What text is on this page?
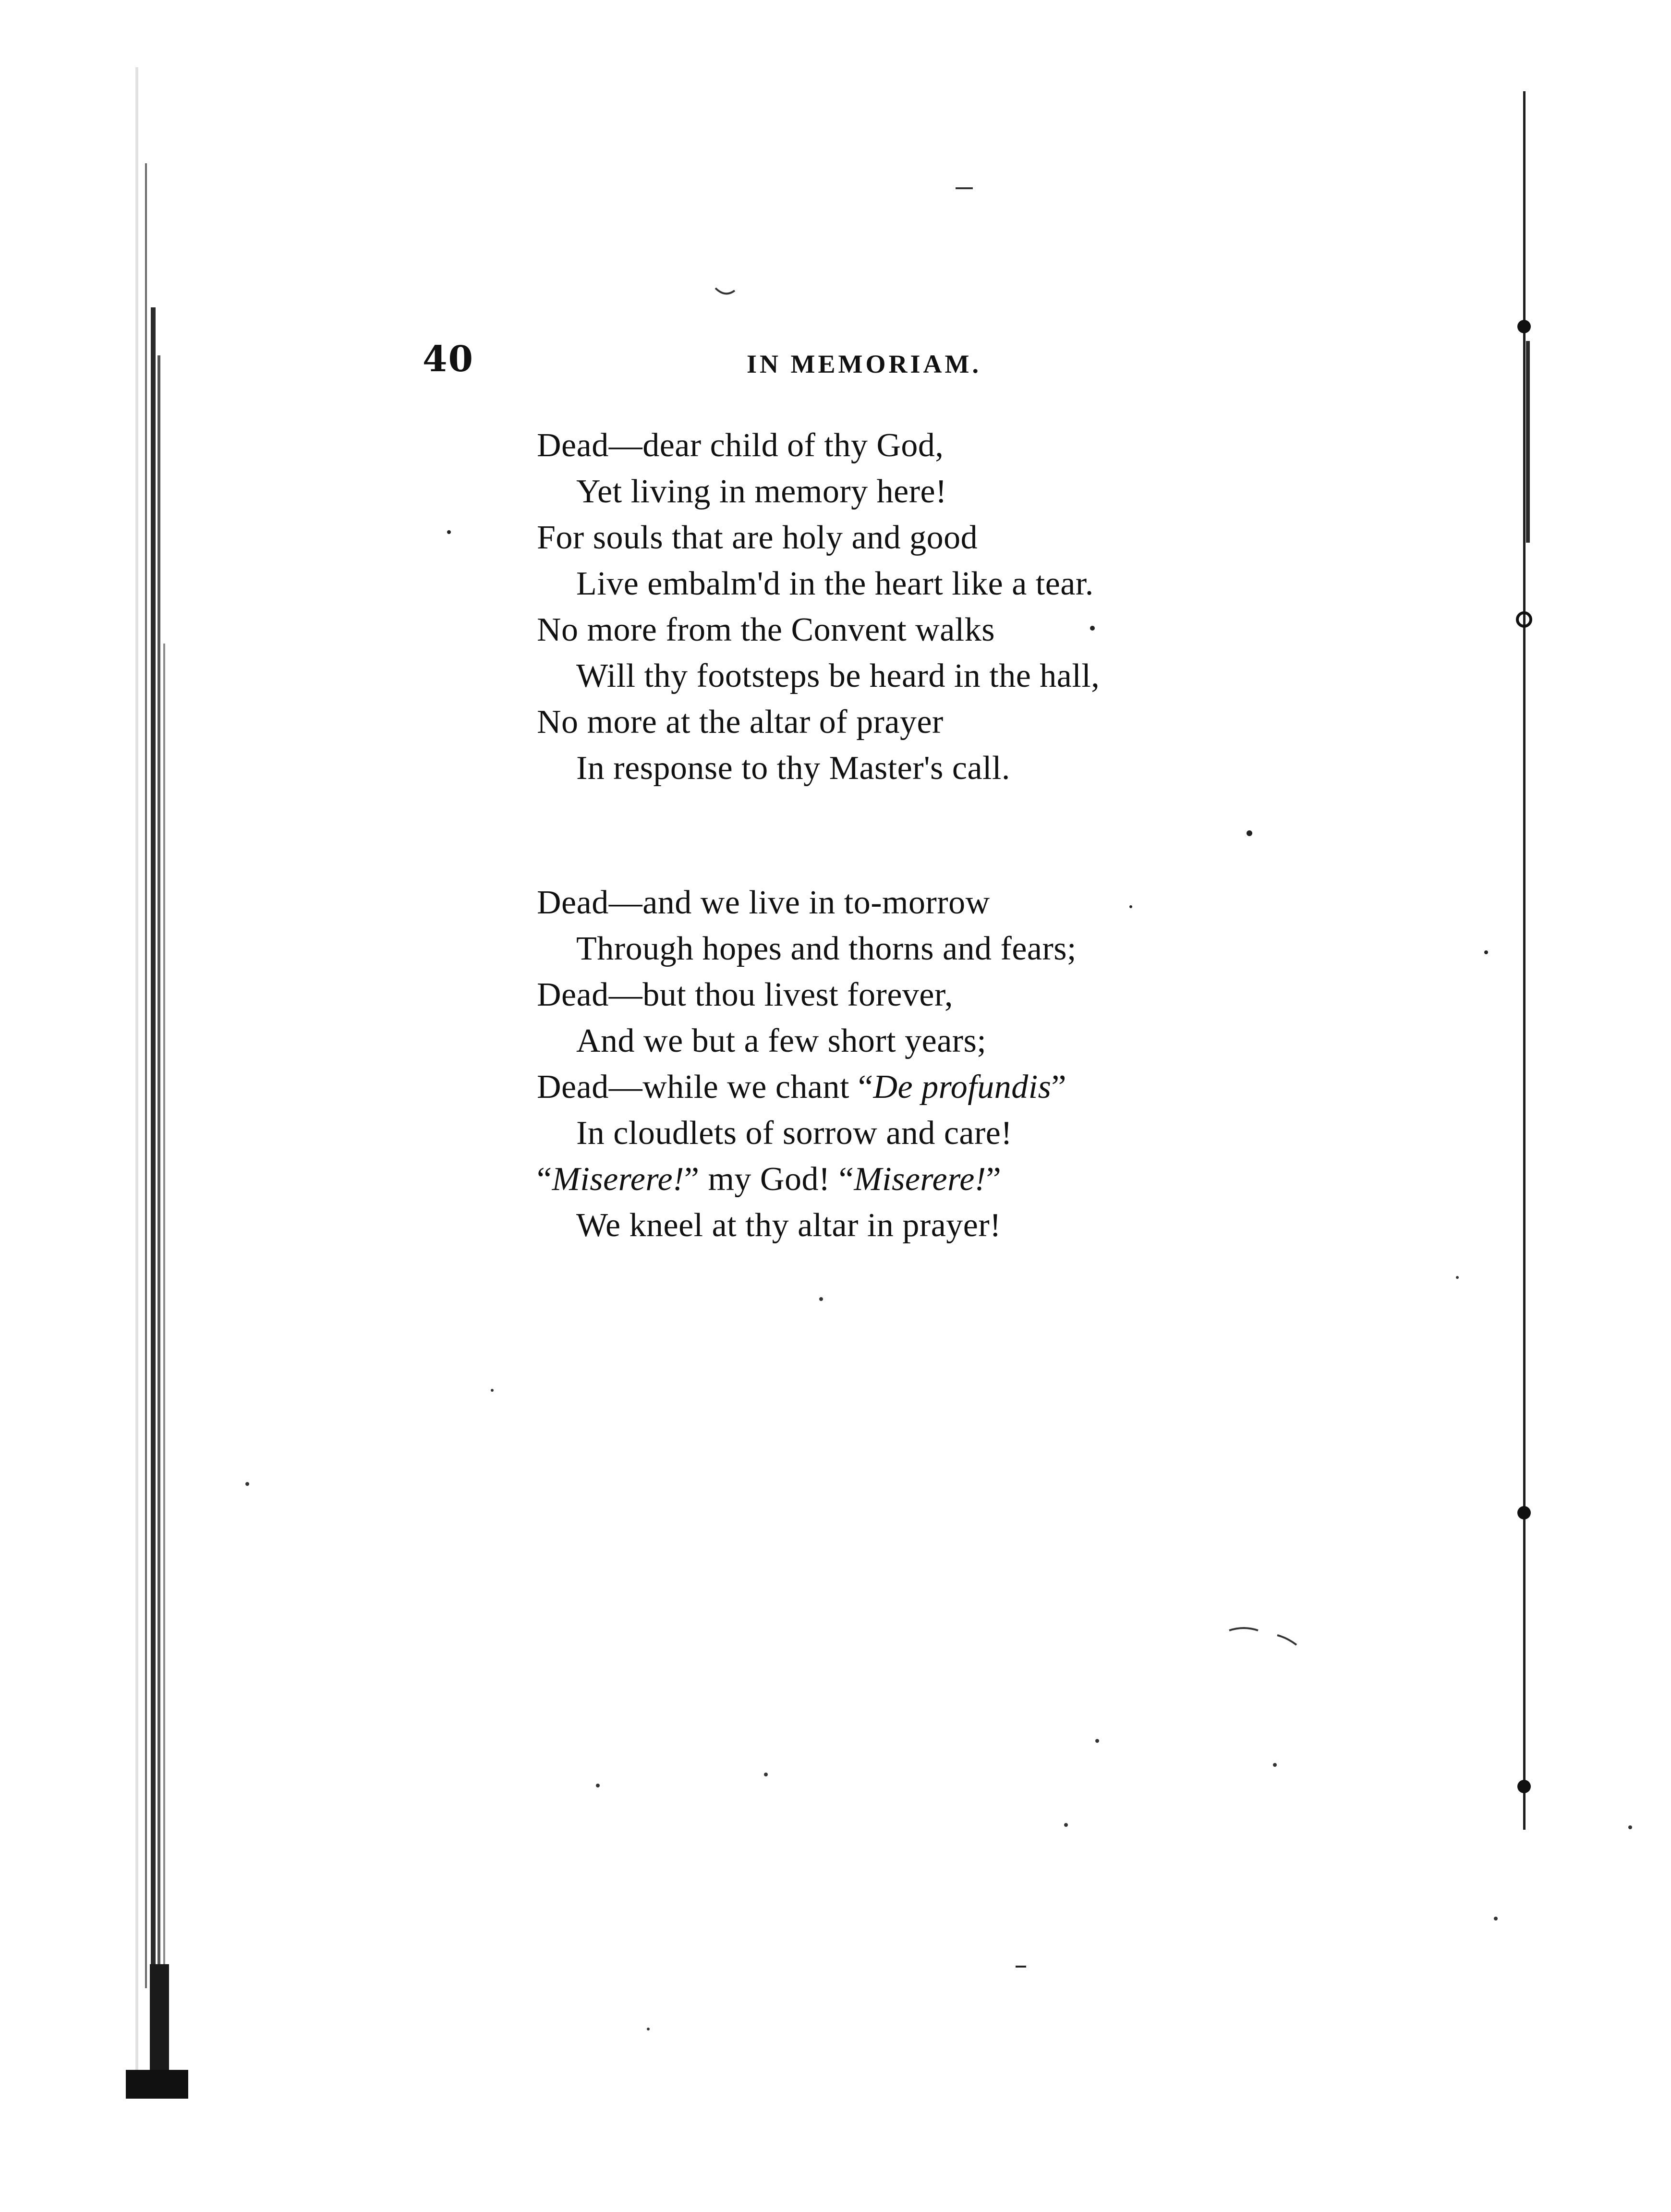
40	IN MEMORIAM.
Dead—dear child of thy God,
Yet living in memory here!
For souls that are holy and good
Live embalm'd in the heart like a tear.
No more from the Convent walks
Will thy footsteps be heard in the hall,
No more at the altar of prayer
In response to thy Master's call.
Dead—and we live in to-morrow
Through hopes and thorns and fears;
Dead—but thou livest forever,
And we but a few short years;
Dead—while we chant “De profundis”
In cloudlets of sorrow and care!
“Miserere!” my God! “Miserere!”
We kneel at thy altar in prayer!
